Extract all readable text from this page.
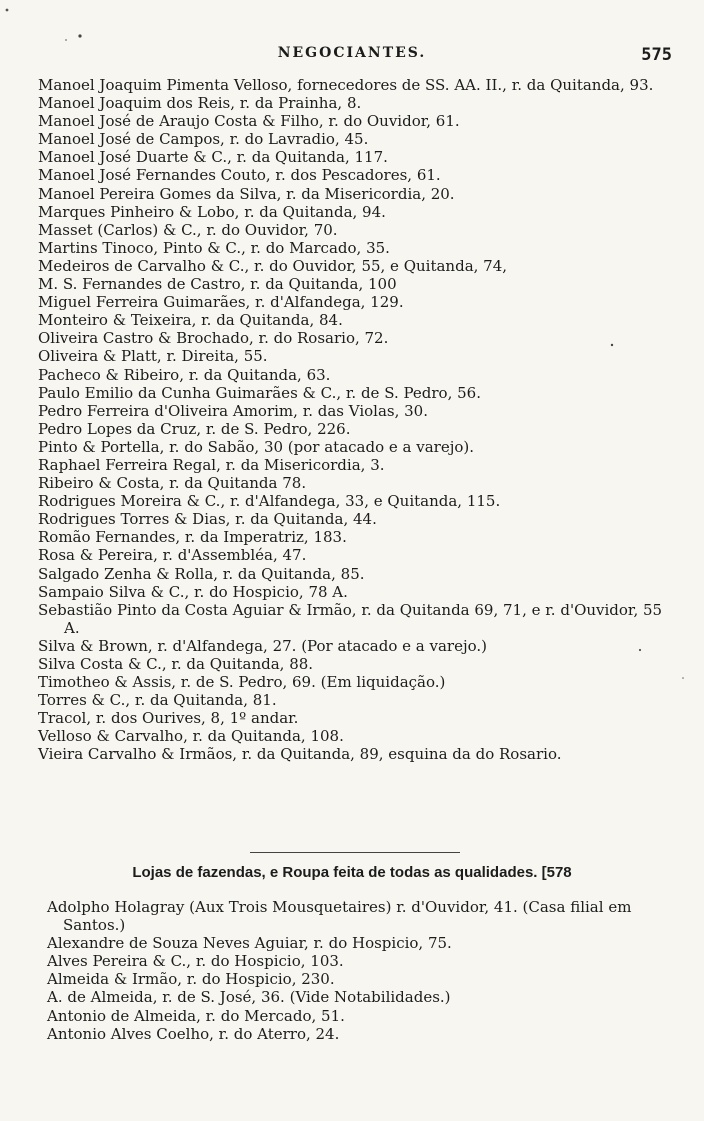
NEGOCIANTES.	575
Manoel Joaquim Pimenta Velloso, fornecedores de SS. AA. II., r. da Quitanda, 93.
Manoel Joaquim dos Reis, r. da Prainha, 8.
Manoel José de Araujo Costa & Filho, r. do Ouvidor, 61.
Manoel José de Campos, r. do Lavradio, 45.
Manoel José Duarte & C., r. da Quitanda, 117.
Manoel José Fernandes Couto, r. dos Pescadores, 61.
Manoel Pereira Gomes da Silva, r. da Misericordia, 20.
Marques Pinheiro & Lobo, r. da Quitanda, 94.
Masset (Carlos) & C., r. do Ouvidor, 70.
Martins Tinoco, Pinto & C., r. do Marcado, 35.
Medeiros de Carvalho & C., r. do Ouvidor, 55, e Quitanda, 74,
M. S. Fernandes de Castro, r. da Quitanda, 100
Miguel Ferreira Guimarães, r. d'Alfandega, 129.
Monteiro & Teixeira, r. da Quitanda, 84.
Oliveira Castro & Brochado, r. do Rosario, 72.
Oliveira & Platt, r. Direita, 55.
Pacheco & Ribeiro, r. da Quitanda, 63.
Paulo Emilio da Cunha Guimarães & C., r. de S. Pedro, 56.
Pedro Ferreira d'Oliveira Amorim, r. das Violas, 30.
Pedro Lopes da Cruz, r. de S. Pedro, 226.
Pinto & Portella, r. do Sabão, 30 (por atacado e a varejo).
Raphael Ferreira Regal, r. da Misericordia, 3.
Ribeiro & Costa, r. da Quitanda 78.
Rodrigues Moreira & C., r. d'Alfandega, 33, e Quitanda, 115.
Rodrigues Torres & Dias, r. da Quitanda, 44.
Romão Fernandes, r. da Imperatriz, 183.
Rosa & Pereira, r. d'Assembléa, 47.
Salgado Zenha & Rolla, r. da Quitanda, 85.
Sampaio Silva & C., r. do Hospicio, 78 A.
Sebastião Pinto da Costa Aguiar & Irmão, r. da Quitanda 69, 71, e r. d'Ouvidor, 55 A.
Silva & Brown, r. d'Alfandega, 27. (Por atacado e a varejo.)
Silva Costa & C., r. da Quitanda, 88.
Timotheo & Assis, r. de S. Pedro, 69. (Em liquidação.)
Torres & C., r. da Quitanda, 81.
Tracol, r. dos Ourives, 8, 1º andar.
Velloso & Carvalho, r. da Quitanda, 108.
Vieira Carvalho & Irmãos, r. da Quitanda, 89, esquina da do Rosario.
Lojas de fazendas, e Roupa feita de todas as qualidades. [578
Adolpho Holagray (Aux Trois Mousquetaires) r. d'Ouvidor, 41. (Casa filial em Santos.)
Alexandre de Souza Neves Aguiar, r. do Hospicio, 75.
Alves Pereira & C., r. do Hospicio, 103.
Almeida & Irmão, r. do Hospicio, 230.
A. de Almeida, r. de S. José, 36. (Vide Notabilidades.)
Antonio de Almeida, r. do Mercado, 51.
Antonio Alves Coelho, r. do Aterro, 24.
